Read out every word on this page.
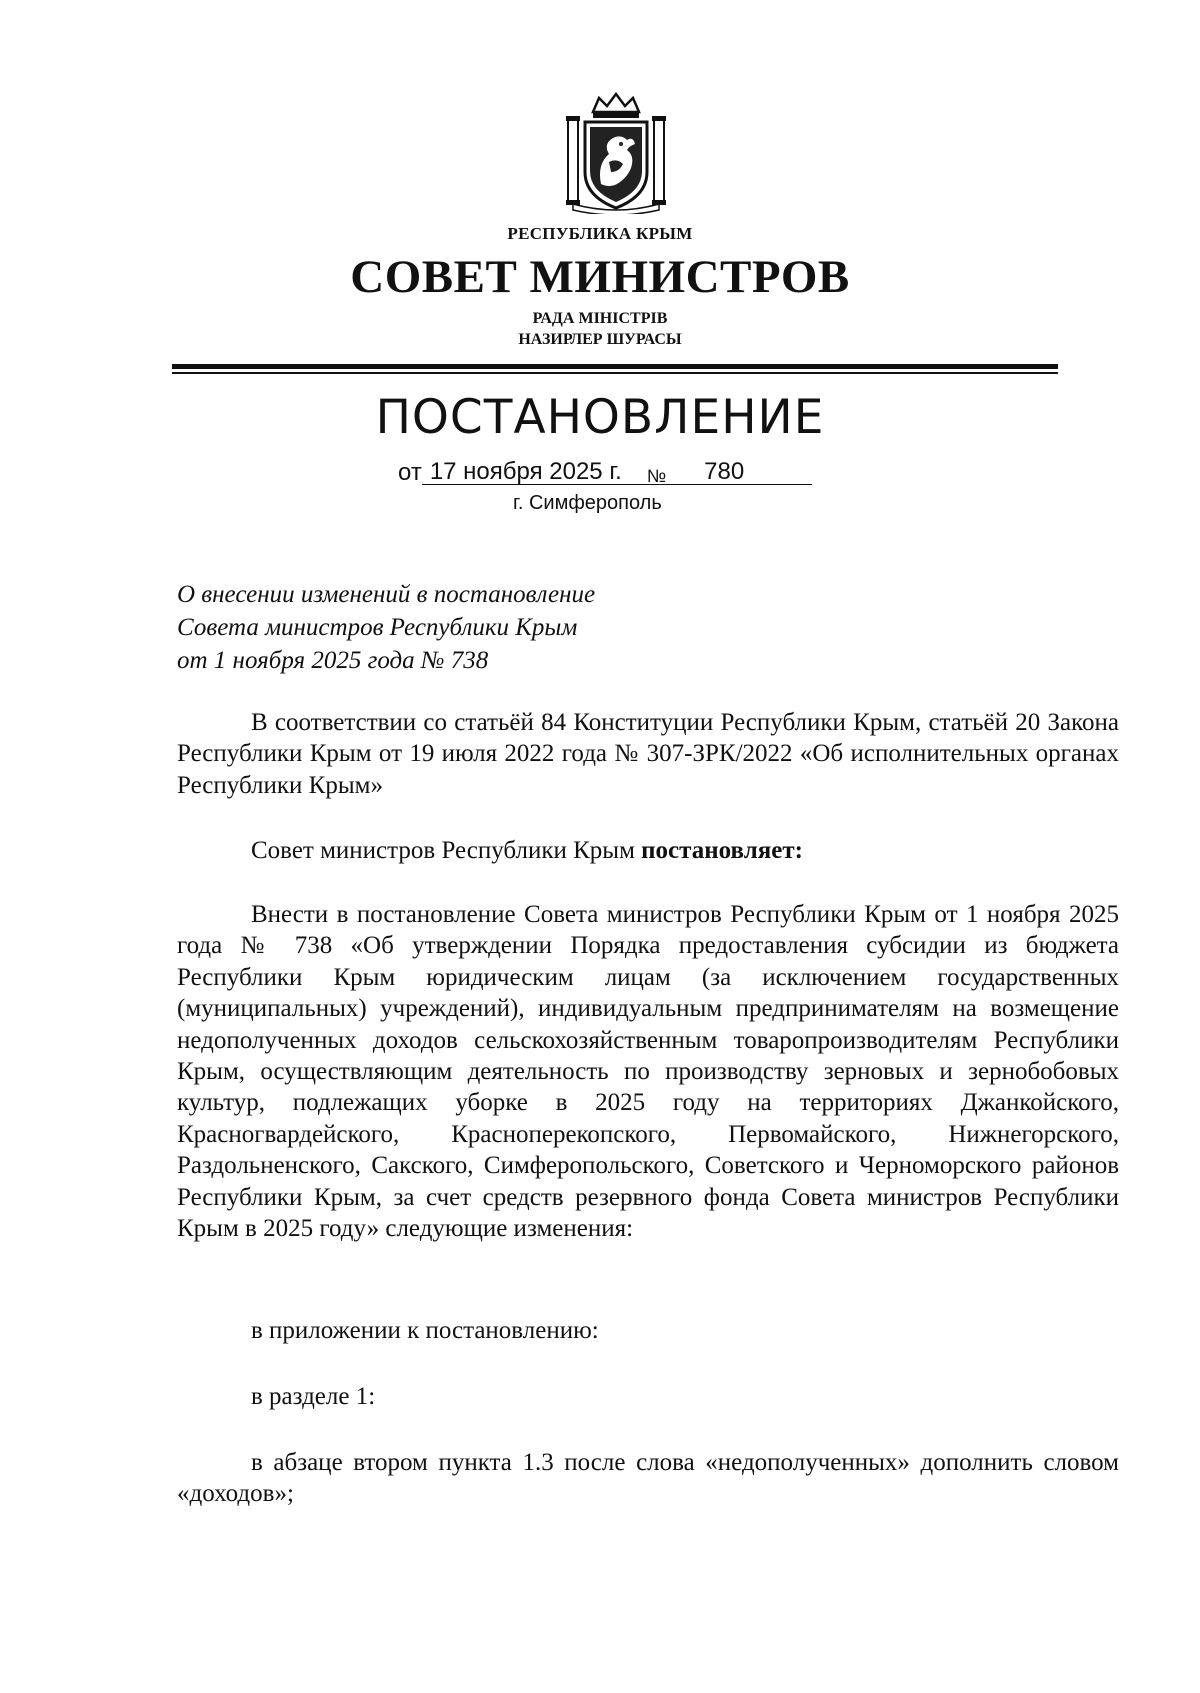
РЕСПУБЛИКА КРЫМ
СОВЕТ МИНИСТРОВ
РАДА МІНІСТРІВ
НАЗИРЛЕР ШУРАСЫ
ПОСТАНОВЛЕНИЕ
от 17 ноября 2025 г. № 780
г. Симферополь
О внесении изменений в постановление
Совета министров Республики Крым
от 1 ноября 2025 года № 738

В соответствии со статьёй 84 Конституции Республики Крым, статьёй 20 Закона Республики Крым от 19 июля 2022 года № 307-ЗРК/2022 «Об исполнительных органах Республики Крым»

Совет министров Республики Крым постановляет:

Внести в постановление Совета министров Республики Крым от 1 ноября 2025 года № 738 «Об утверждении Порядка предоставления субсидии из бюджета Республики Крым юридическим лицам (за исключением государственных (муниципальных) учреждений), индивидуальным предпринимателям на возмещение недополученных доходов сельскохозяйственным товаропроизводителям Республики Крым, осуществляющим деятельность по производству зерновых и зернобобовых культур, подлежащих уборке в 2025 году на территориях Джанкойского, Красногвардейского, Красноперекопского, Первомайского, Нижнегорского, Раздольненского, Сакского, Симферопольского, Советского и Черноморского районов Республики Крым, за счет средств резервного фонда Совета министров Республики Крым в 2025 году» следующие изменения:

в приложении к постановлению:

в разделе 1:

в абзаце втором пункта 1.3 после слова «недополученных» дополнить словом «доходов»;
